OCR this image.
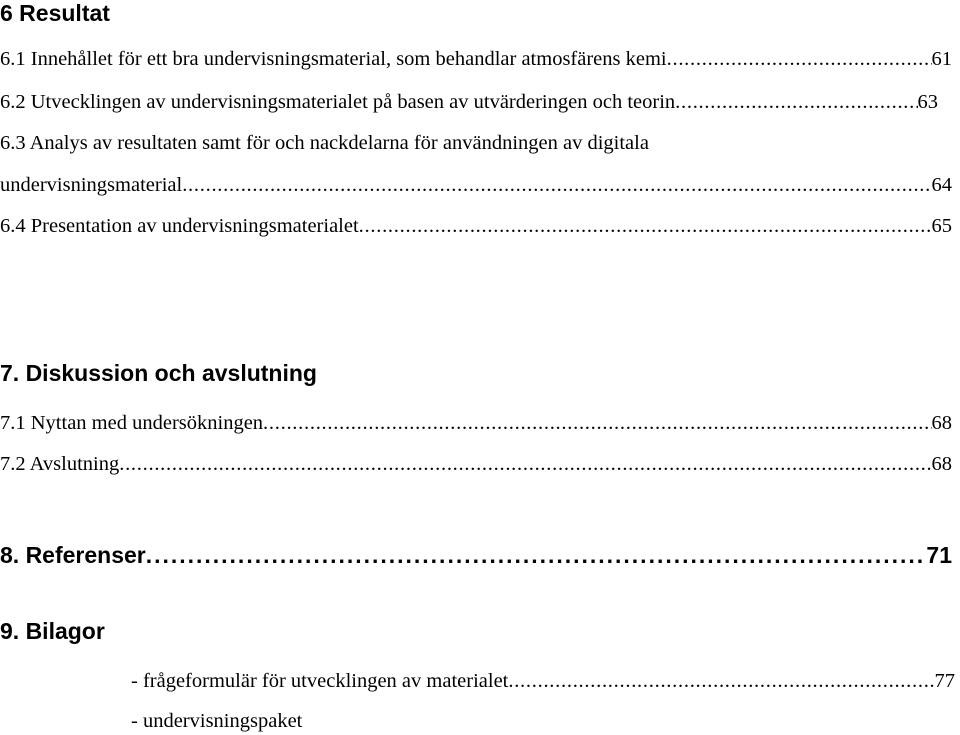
6 Resultat
6.1 Innehållet för ett bra undervisningsmaterial, som behandlar atmosfärens kemi . . .	61
6.2 Utvecklingen av undervisningsmaterialet på basen av utvärderingen och teorin . . .	63
6.3 Analys av resultaten samt för och nackdelarna för användningen av digitala
undervisningsmaterial . . .	64
6.4 Presentation av undervisningsmaterialet . . .	65
7. Diskussion och avslutning
7.1 Nyttan med undersökningen . . .	68
7.2 Avslutning . . .	68
8. Referenser . . .	71
9. Bilagor
- frågeformulär för utvecklingen av materialet . . .	77
- undervisningspaket
